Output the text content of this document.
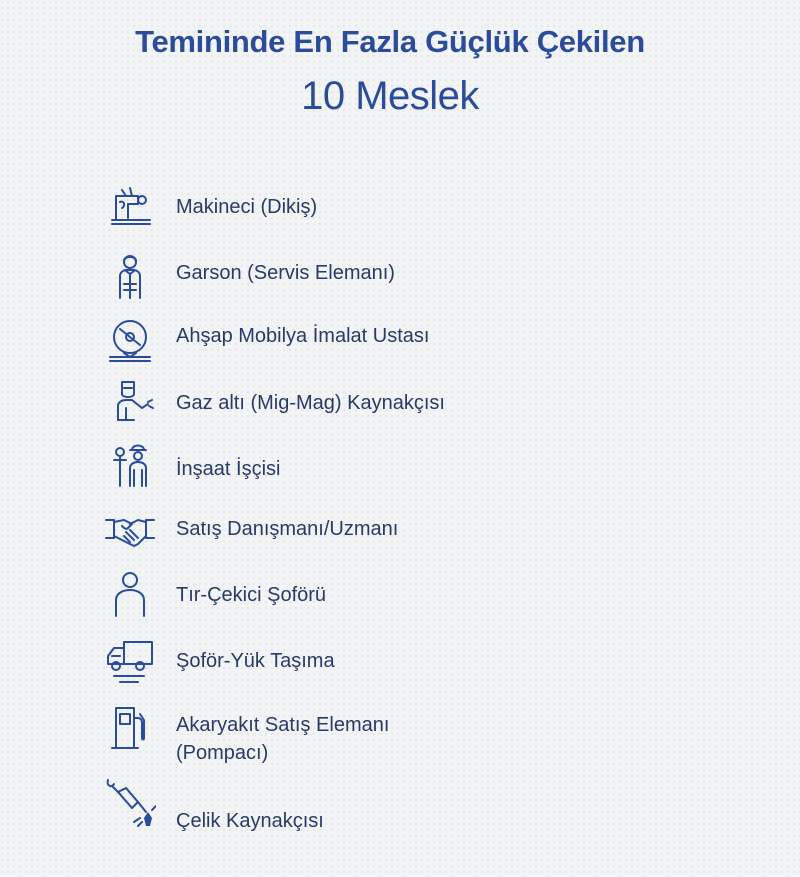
Temininde En Fazla Güçlük Çekilen
10 Meslek
Makineci (Dikiş)
Garson (Servis Elemanı)
Ahşap Mobilya İmalat Ustası
Gaz altı (Mig-Mag) Kaynakçısı
İnşaat İşçisi
Satış Danışmanı/Uzmanı
Tır-Çekici Şoförü
Şoför-Yük Taşıma
Akaryakıt Satış Elemanı
(Pompacı)
Çelik Kaynakçısı
